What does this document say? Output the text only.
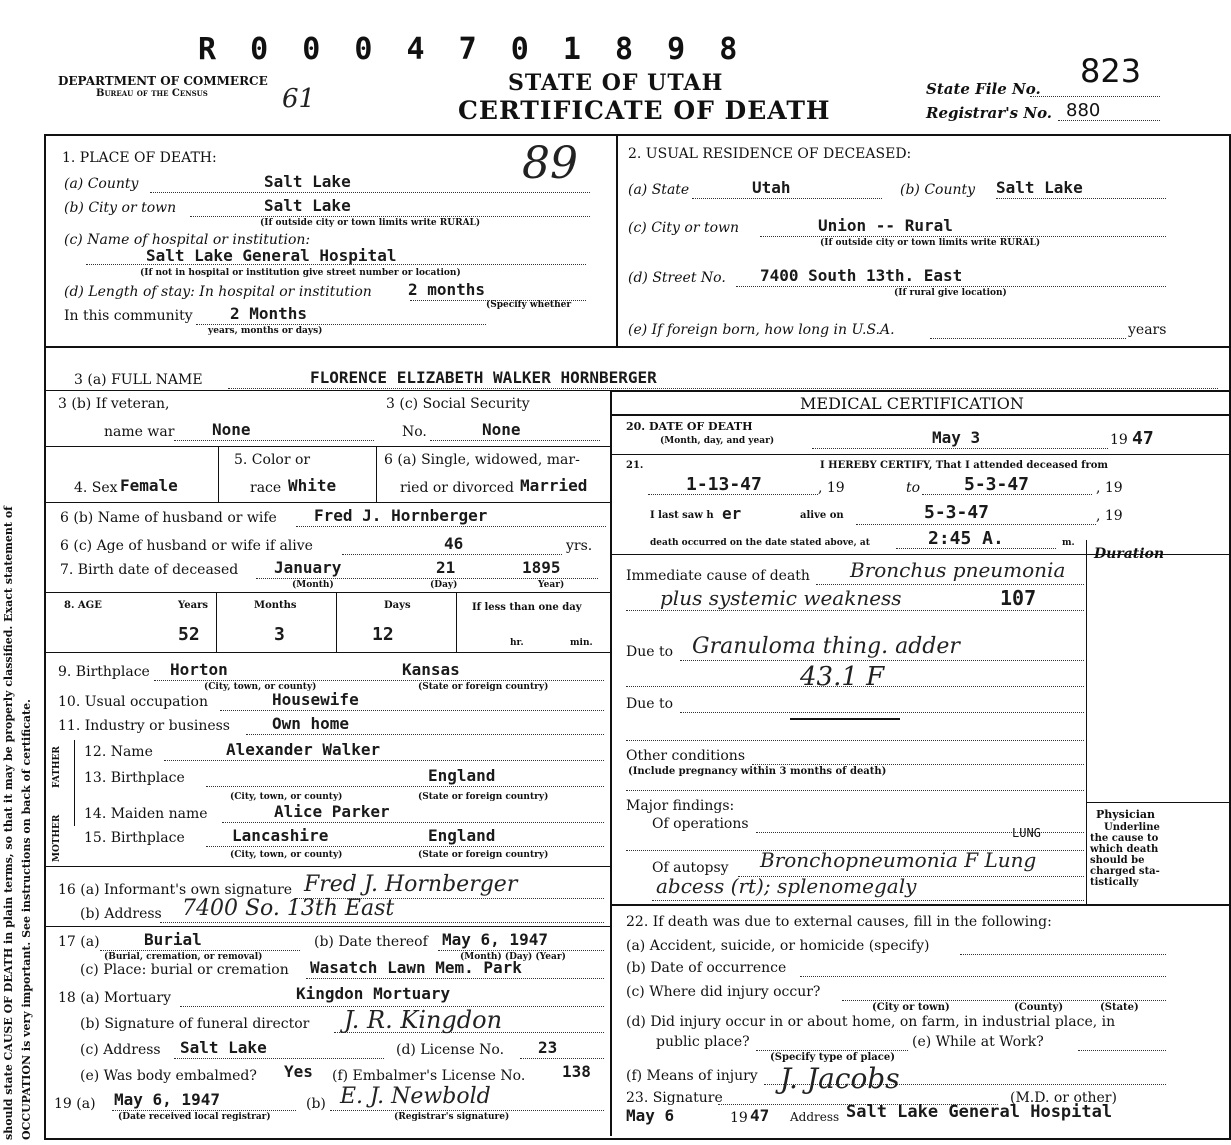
should state CAUSE OF DEATH in plain terms, so that it may be properly classified. Exact statement of OCCUPATION is very important. See instructions on back of certificate.
R 0 0 0 4 7 0 1 8 9 8
DEPARTMENT OF COMMERCE
Bureau of the Census	61
STATE OF UTAH
CERTIFICATE OF DEATH
State File No. 823
Registrar's No. 880
1. PLACE OF DEATH:
(a) County	Salt Lake
(b) City or town	Salt Lake
(If outside city or town limits write RURAL)
(c) Name of hospital or institution:
Salt Lake General Hospital
(If not in hospital or institution give street number or location)
(d) Length of stay: In hospital or institution 2 months
(Specify whether
In this community 2 Months
years, months or days)
89	2. USUAL RESIDENCE OF DECEASED:
(a) State	Utah	(b) County Salt Lake
(c) City or town	Union -- Rural
(If outside city or town limits write RURAL)
(d) Street No. 7400 South 13th. East
(If rural give location)
(e) If foreign born, how long in U.S.A.	years
3 (a) FULL NAME	FLORENCE ELIZABETH WALKER HORNBERGER
3 (b) If veteran,
name war None
3 (c) Social Security
No.	None
4. Sex Female
5. Color or
race White
6 (a) Single, widowed, mar-
ried or divorced Married
6 (b) Name of husband or wife Fred J. Hornberger
6 (c) Age of husband or wife if alive	46	yrs.
7. Birth date of deceased January	21	1895
(Month)	(Day)	Year)
8. AGE	Years	Months	Days	If less than one day
52	3	12	hr.	min.
9. Birthplace Horton	Kansas
(City, town, or county)	(State or foreign country)
10. Usual occupation	Housewife
11. Industry or business	Own home
FATHER
MOTHER
12. Name	Alexander Walker
13. Birthplace	England
(City, town, or county)	(State or foreign country)
14. Maiden name	Alice Parker
15. Birthplace	Lancashire	England
(City, town, or county)	(State or foreign country)
16 (a) Informant's own signature Fred J. Hornberger
(b) Address 7400 So. 13th East
17 (a)	Burial
(Burial, cremation, or removal)
(b) Date thereof May 6, 1947
(Month) (Day) (Year)
(c) Place: burial or cremation Wasatch Lawn Mem. Park
18 (a) Mortuary	Kingdon Mortuary
(b) Signature of funeral director J. R. Kingdon
(c) Address Salt Lake	(d) License No. 23
(e) Was body embalmed? Yes (f) Embalmer's License No. 138
19 (a) May 6, 1947
(Date received local registrar)
(b) E. J. Newbold
(Registrar's signature)
MEDICAL CERTIFICATION
20. DATE OF DEATH
(Month, day, and year)	May 3	19 47
21.	I HEREBY CERTIFY, That I attended deceased from
1-13-47	, 19	to 5-3-47	, 19
I last saw h er	alive on	5-3-47	, 19
death occurred on the date stated above, at	2:45 A.	m.
Duration
Immediate cause of death Bronchus pneumonia
plus systemic weakness	107
Due to Granuloma thing. adder
43.1 F
Due to
Other conditions
(Include pregnancy within 3 months of death)
Major findings:
Of operations
LUNG
Of autopsy Bronchopneumonia F Lung
abcess (rt); splenomegaly
Physician
Underline
the cause to
which death
should be
charged sta-
tistically
22. If death was due to external causes, fill in the following:
(a) Accident, suicide, or homicide (specify)
(b) Date of occurrence
(c) Where did injury occur?
(City or town)	(County)	(State)
(d) Did injury occur in or about home, on farm, in industrial place, in
public place?	(e) While at Work?
(Specify type of place)
(f) Means of injury
23. Signature
J. Jacobs
(M.D. or other)
May 6	19 47 Address Salt Lake General Hospital
